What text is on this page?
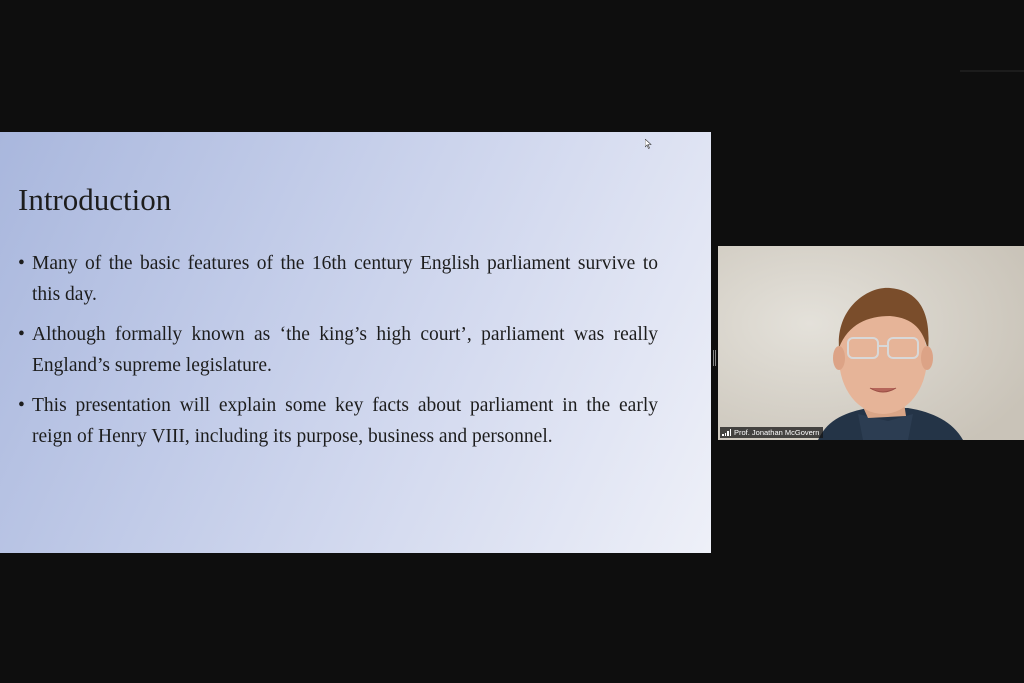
Introduction
• Many of the basic features of the 16th century English parliament survive to this day.
• Although formally known as ‘the king’s high court’, parliament was really England’s supreme legislature.
• This presentation will explain some key facts about parliament in the early reign of Henry VIII, including its purpose, business and personnel.	Prof. Jonathan McGovern
